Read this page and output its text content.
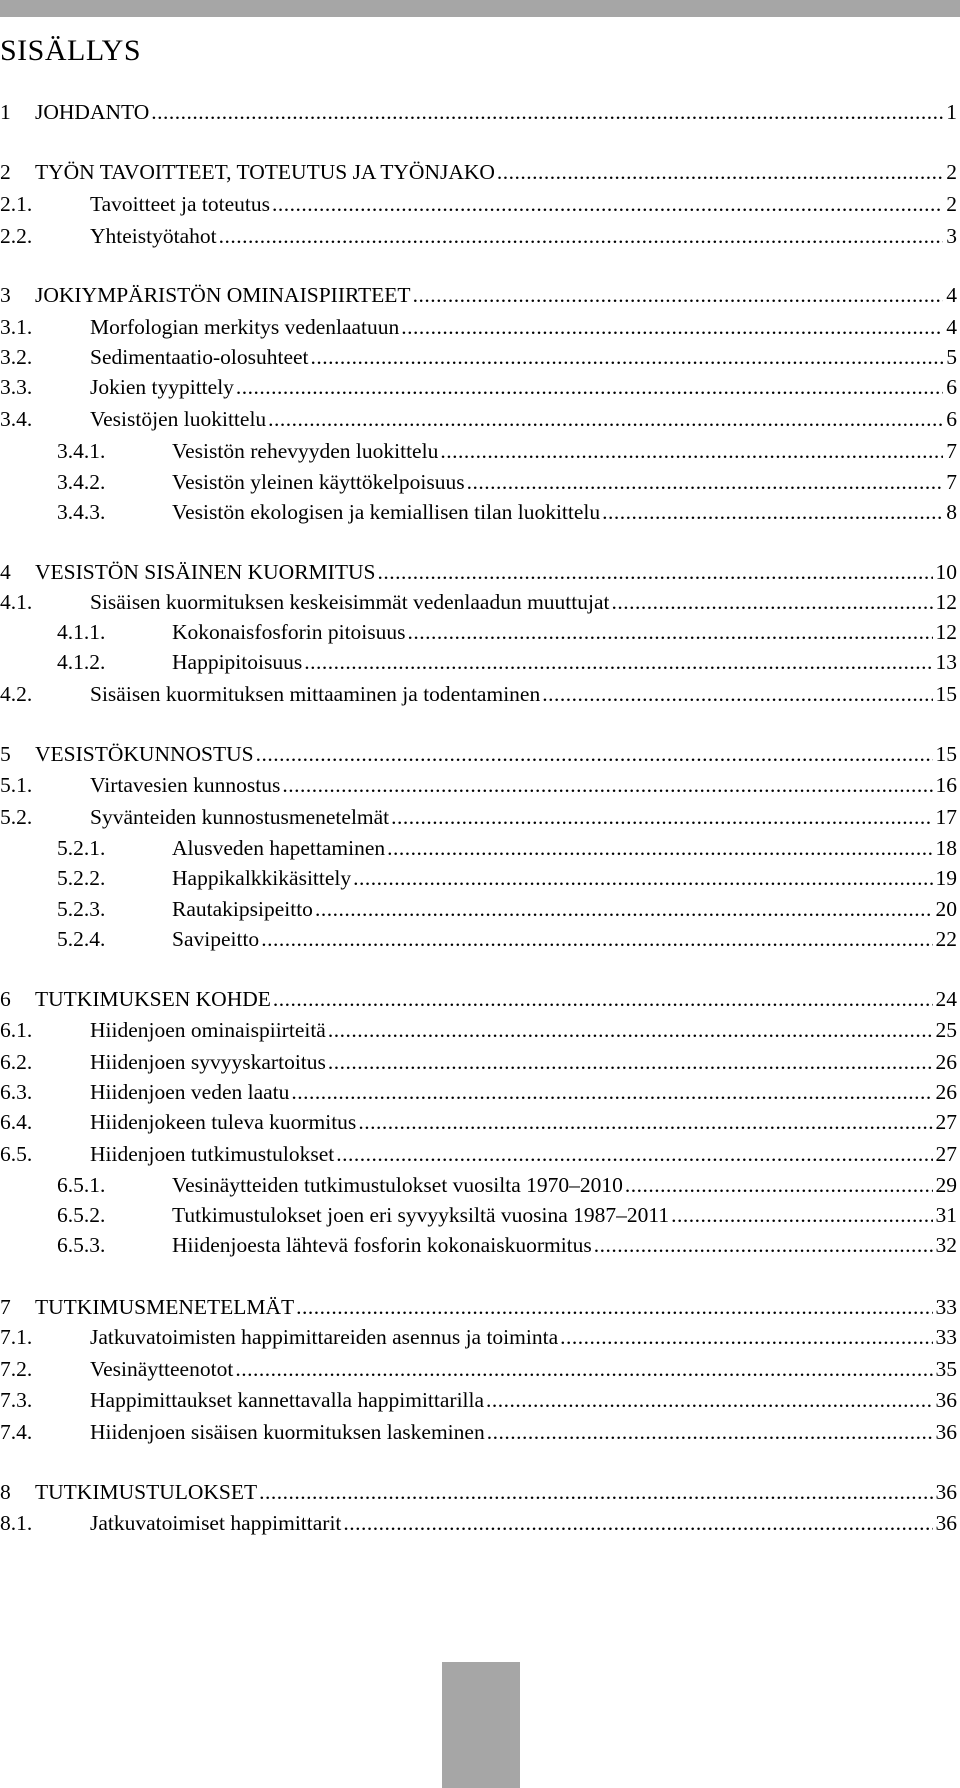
SISÄLLYS
1	JOHDANTO .....	1
2	TYÖN TAVOITTEET, TOTEUTUS JA TYÖNJAKO .....	2
2.1.	Tavoitteet ja toteutus .....	2
2.2.	Yhteistyötahot .....	3
3	JOKIYMPÄRISTÖN OMINAISPIIRTEET .....	4
3.1.	Morfologian merkitys vedenlaatuun .....	4
3.2.	Sedimentaatio-olosuhteet .....	5
3.3.	Jokien tyypittely .....	6
3.4.	Vesistöjen luokittelu .....	6
3.4.1.	Vesistön rehevyyden luokittelu .....	7
3.4.2.	Vesistön yleinen käyttökelpoisuus .....	7
3.4.3.	Vesistön ekologisen ja kemiallisen tilan luokittelu .....	8
4	VESISTÖN SISÄINEN KUORMITUS .....	10
4.1.	Sisäisen kuormituksen keskeisimmät vedenlaadun muuttujat .....	12
4.1.1.	Kokonaisfosforin pitoisuus .....	12
4.1.2.	Happipitoisuus .....	13
4.2.	Sisäisen kuormituksen mittaaminen ja todentaminen .....	15
5	VESISTÖKUNNOSTUS .....	15
5.1.	Virtavesien kunnostus .....	16
5.2.	Syvänteiden kunnostusmenetelmät .....	17
5.2.1.	Alusveden hapettaminen .....	18
5.2.2.	Happikalkkikäsittely .....	19
5.2.3.	Rautakipsipeitto .....	20
5.2.4.	Savipeitto .....	22
6	TUTKIMUKSEN KOHDE .....	24
6.1.	Hiidenjoen ominaispiirteitä .....	25
6.2.	Hiidenjoen syvyyskartoitus .....	26
6.3.	Hiidenjoen veden laatu .....	26
6.4.	Hiidenjokeen tuleva kuormitus .....	27
6.5.	Hiidenjoen tutkimustulokset .....	27
6.5.1.	Vesinäytteiden tutkimustulokset vuosilta 1970–2010 .....	29
6.5.2.	Tutkimustulokset joen eri syvyyksiltä vuosina 1987–2011 .....	31
6.5.3.	Hiidenjoesta lähtevä fosforin kokonaiskuormitus .....	32
7	TUTKIMUSMENETELMÄT .....	33
7.1.	Jatkuvatoimisten happimittareiden asennus ja toiminta .....	33
7.2.	Vesinäytteenotot .....	35
7.3.	Happimittaukset kannettavalla happimittarilla .....	36
7.4.	Hiidenjoen sisäisen kuormituksen laskeminen .....	36
8	TUTKIMUSTULOKSET .....	36
8.1.	Jatkuvatoimiset happimittarit .....	36
